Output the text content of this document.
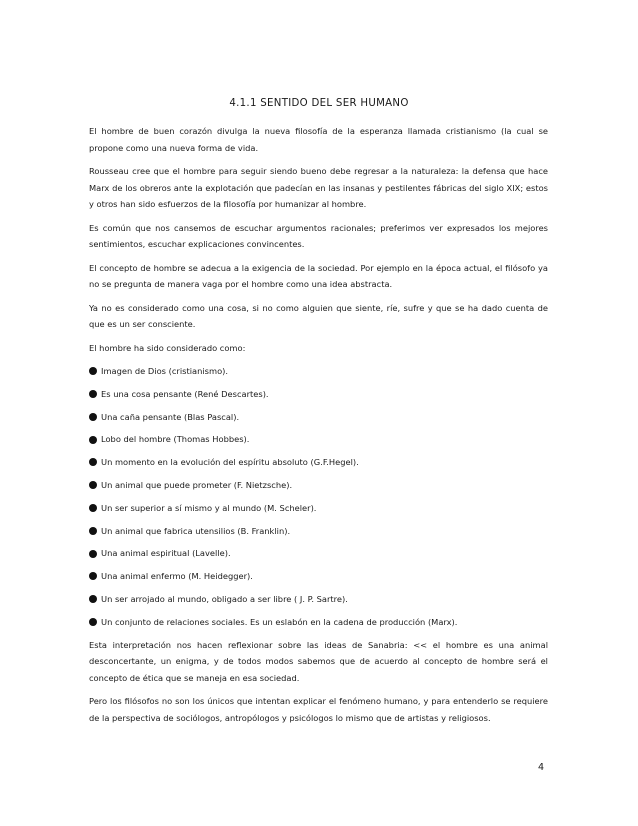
4.1.1 SENTIDO DEL SER HUMANO

El hombre de buen corazón divulga la nueva filosofía de la esperanza llamada cristianismo (la cual se propone como una nueva forma de vida.

Rousseau cree que el hombre para seguir siendo bueno debe regresar a la naturaleza: la defensa que hace Marx de los obreros ante la explotación que padecían en las insanas y pestilentes fábricas del siglo XIX; estos y otros han sido esfuerzos de la filosofía por humanizar al hombre.

Es común que nos cansemos de escuchar argumentos racionales; preferimos ver expresados los mejores sentimientos, escuchar explicaciones convincentes.

El concepto de hombre se adecua a la exigencia de la sociedad. Por ejemplo en la época actual, el filósofo ya no se pregunta de manera vaga por el hombre como una idea abstracta.

Ya no es considerado como una cosa, si no como alguien que siente, ríe, sufre y que se ha dado cuenta de que es un ser consciente.

El hombre ha sido considerado como:

Imagen de Dios (cristianismo).
Es una cosa pensante (René Descartes).
Una caña pensante (Blas Pascal).
Lobo del hombre (Thomas Hobbes).
Un momento en la evolución del espíritu absoluto (G.F.Hegel).
Un animal que puede prometer (F. Nietzsche).
Un ser superior a sí mismo y al mundo (M. Scheler).
Un animal que fabrica utensilios (B. Franklin).
Una animal espiritual (Lavelle).
Una animal enfermo (M. Heidegger).
Un ser arrojado al mundo, obligado a ser libre ( J. P. Sartre).
Un conjunto de relaciones sociales. Es un eslabón en la cadena de producción (Marx).

Esta interpretación nos hacen reflexionar sobre las ideas de Sanabria: << el hombre es una animal desconcertante, un enigma, y de todos modos sabemos que de acuerdo al concepto de hombre será el concepto de ética que se maneja en esa sociedad.

Pero los filósofos no son los únicos que intentan explicar el fenómeno humano, y para entenderlo se requiere de la perspectiva de sociólogos, antropólogos y psicólogos lo mismo que de artistas y religiosos.

4
